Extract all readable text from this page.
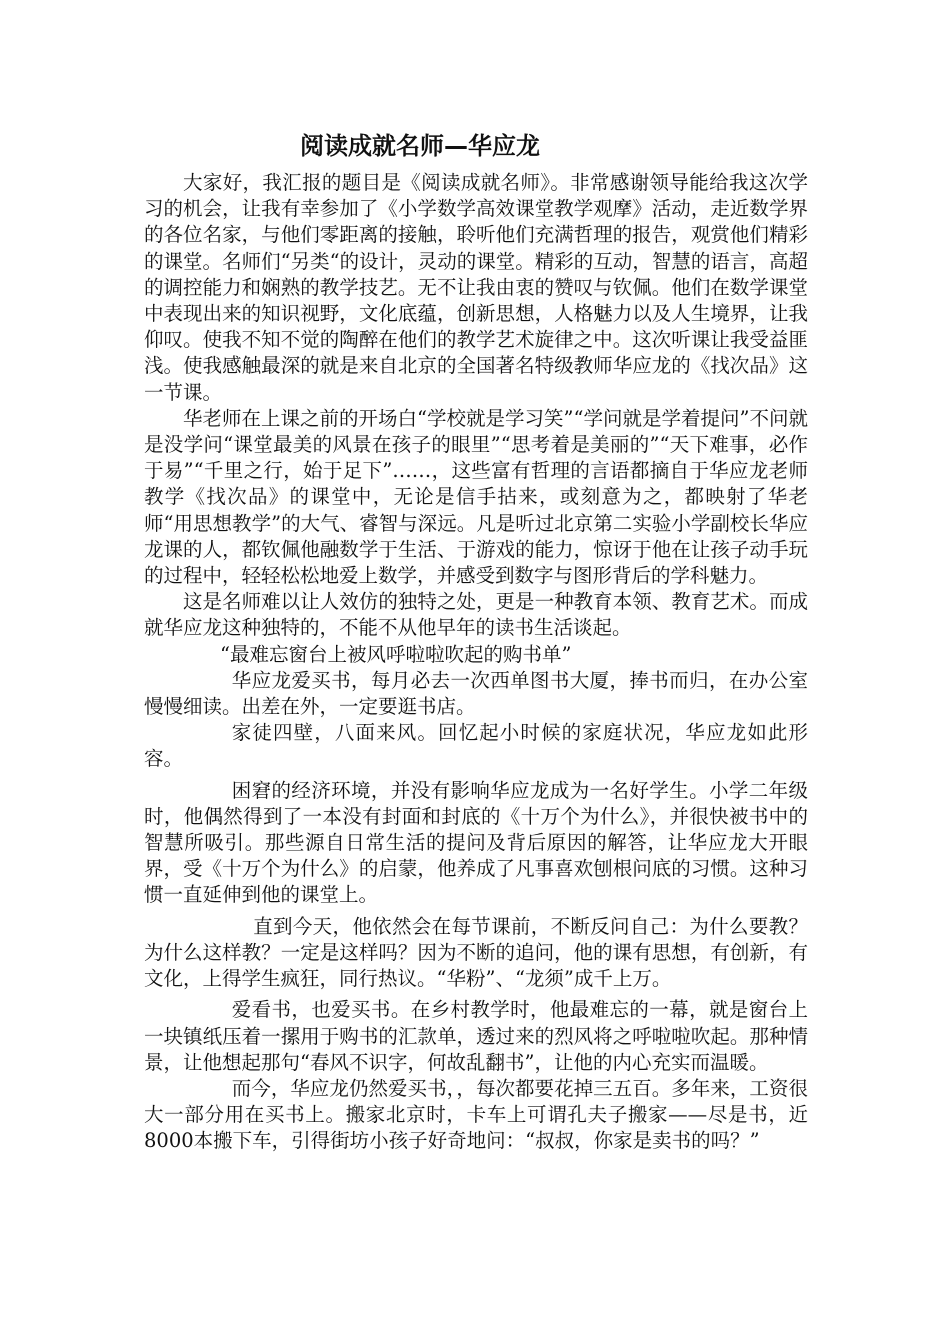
阅读成就名师—华应龙

大家好，我汇报的题目是《阅读成就名师》。非常感谢领导能给我这次学习的机会，让我有幸参加了《小学数学高效课堂教学观摩》活动，走近数学界的各位名家，与他们零距离的接触，聆听他们充满哲理的报告，观赏他们精彩的课堂。名师们“另类“的设计，灵动的课堂。精彩的互动，智慧的语言，高超的调控能力和娴熟的教学技艺。无不让我由衷的赞叹与钦佩。他们在数学课堂中表现出来的知识视野，文化底蕴，创新思想，人格魅力以及人生境界，让我仰叹。使我不知不觉的陶醉在他们的教学艺术旋律之中。这次听课让我受益匪浅。使我感触最深的就是来自北京的全国著名特级教师华应龙的《找次品》这一节课。

华老师在上课之前的开场白“学校就是学习笑”“学问就是学着提问”不问就是没学问“课堂最美的风景在孩子的眼里”“思考着是美丽的”“天下难事，必作于易”“千里之行，始于足下”……，这些富有哲理的言语都摘自于华应龙老师教学《找次品》的课堂中，无论是信手拈来，或刻意为之，都映射了华老师“用思想教学”的大气、睿智与深远。凡是听过北京第二实验小学副校长华应龙课的人，都钦佩他融数学于生活、于游戏的能力，惊讶于他在让孩子动手玩的过程中，轻轻松松地爱上数学，并感受到数字与图形背后的学科魅力。

这是名师难以让人效仿的独特之处，更是一种教育本领、教育艺术。而成就华应龙这种独特的，不能不从他早年的读书生活谈起。

“最难忘窗台上被风呼啦啦吹起的购书单”

华应龙爱买书，每月必去一次西单图书大厦，捧书而归，在办公室慢慢细读。出差在外，一定要逛书店。

家徒四壁，八面来风。回忆起小时候的家庭状况，华应龙如此形容。

困窘的经济环境，并没有影响华应龙成为一名好学生。小学二年级时，他偶然得到了一本没有封面和封底的《十万个为什么》，并很快被书中的智慧所吸引。那些源自日常生活的提问及背后原因的解答，让华应龙大开眼界，受《十万个为什么》的启蒙，他养成了凡事喜欢刨根问底的习惯。这种习惯一直延伸到他的课堂上。

直到今天，他依然会在每节课前，不断反问自己：为什么要教？为什么这样教？一定是这样吗？因为不断的追问，他的课有思想，有创新，有文化，上得学生疯狂，同行热议。“华粉”、“龙须”成千上万。

爱看书，也爱买书。在乡村教学时，他最难忘的一幕，就是窗台上一块镇纸压着一摞用于购书的汇款单，透过来的烈风将之呼啦啦吹起。那种情景，让他想起那句“春风不识字，何故乱翻书”，让他的内心充实而温暖。

而今，华应龙仍然爱买书，，每次都要花掉三五百。多年来，工资很大一部分用在买书上。搬家北京时，卡车上可谓孔夫子搬家——尽是书，近8000本搬下车，引得街坊小孩子好奇地问：“叔叔，你家是卖书的吗？”
